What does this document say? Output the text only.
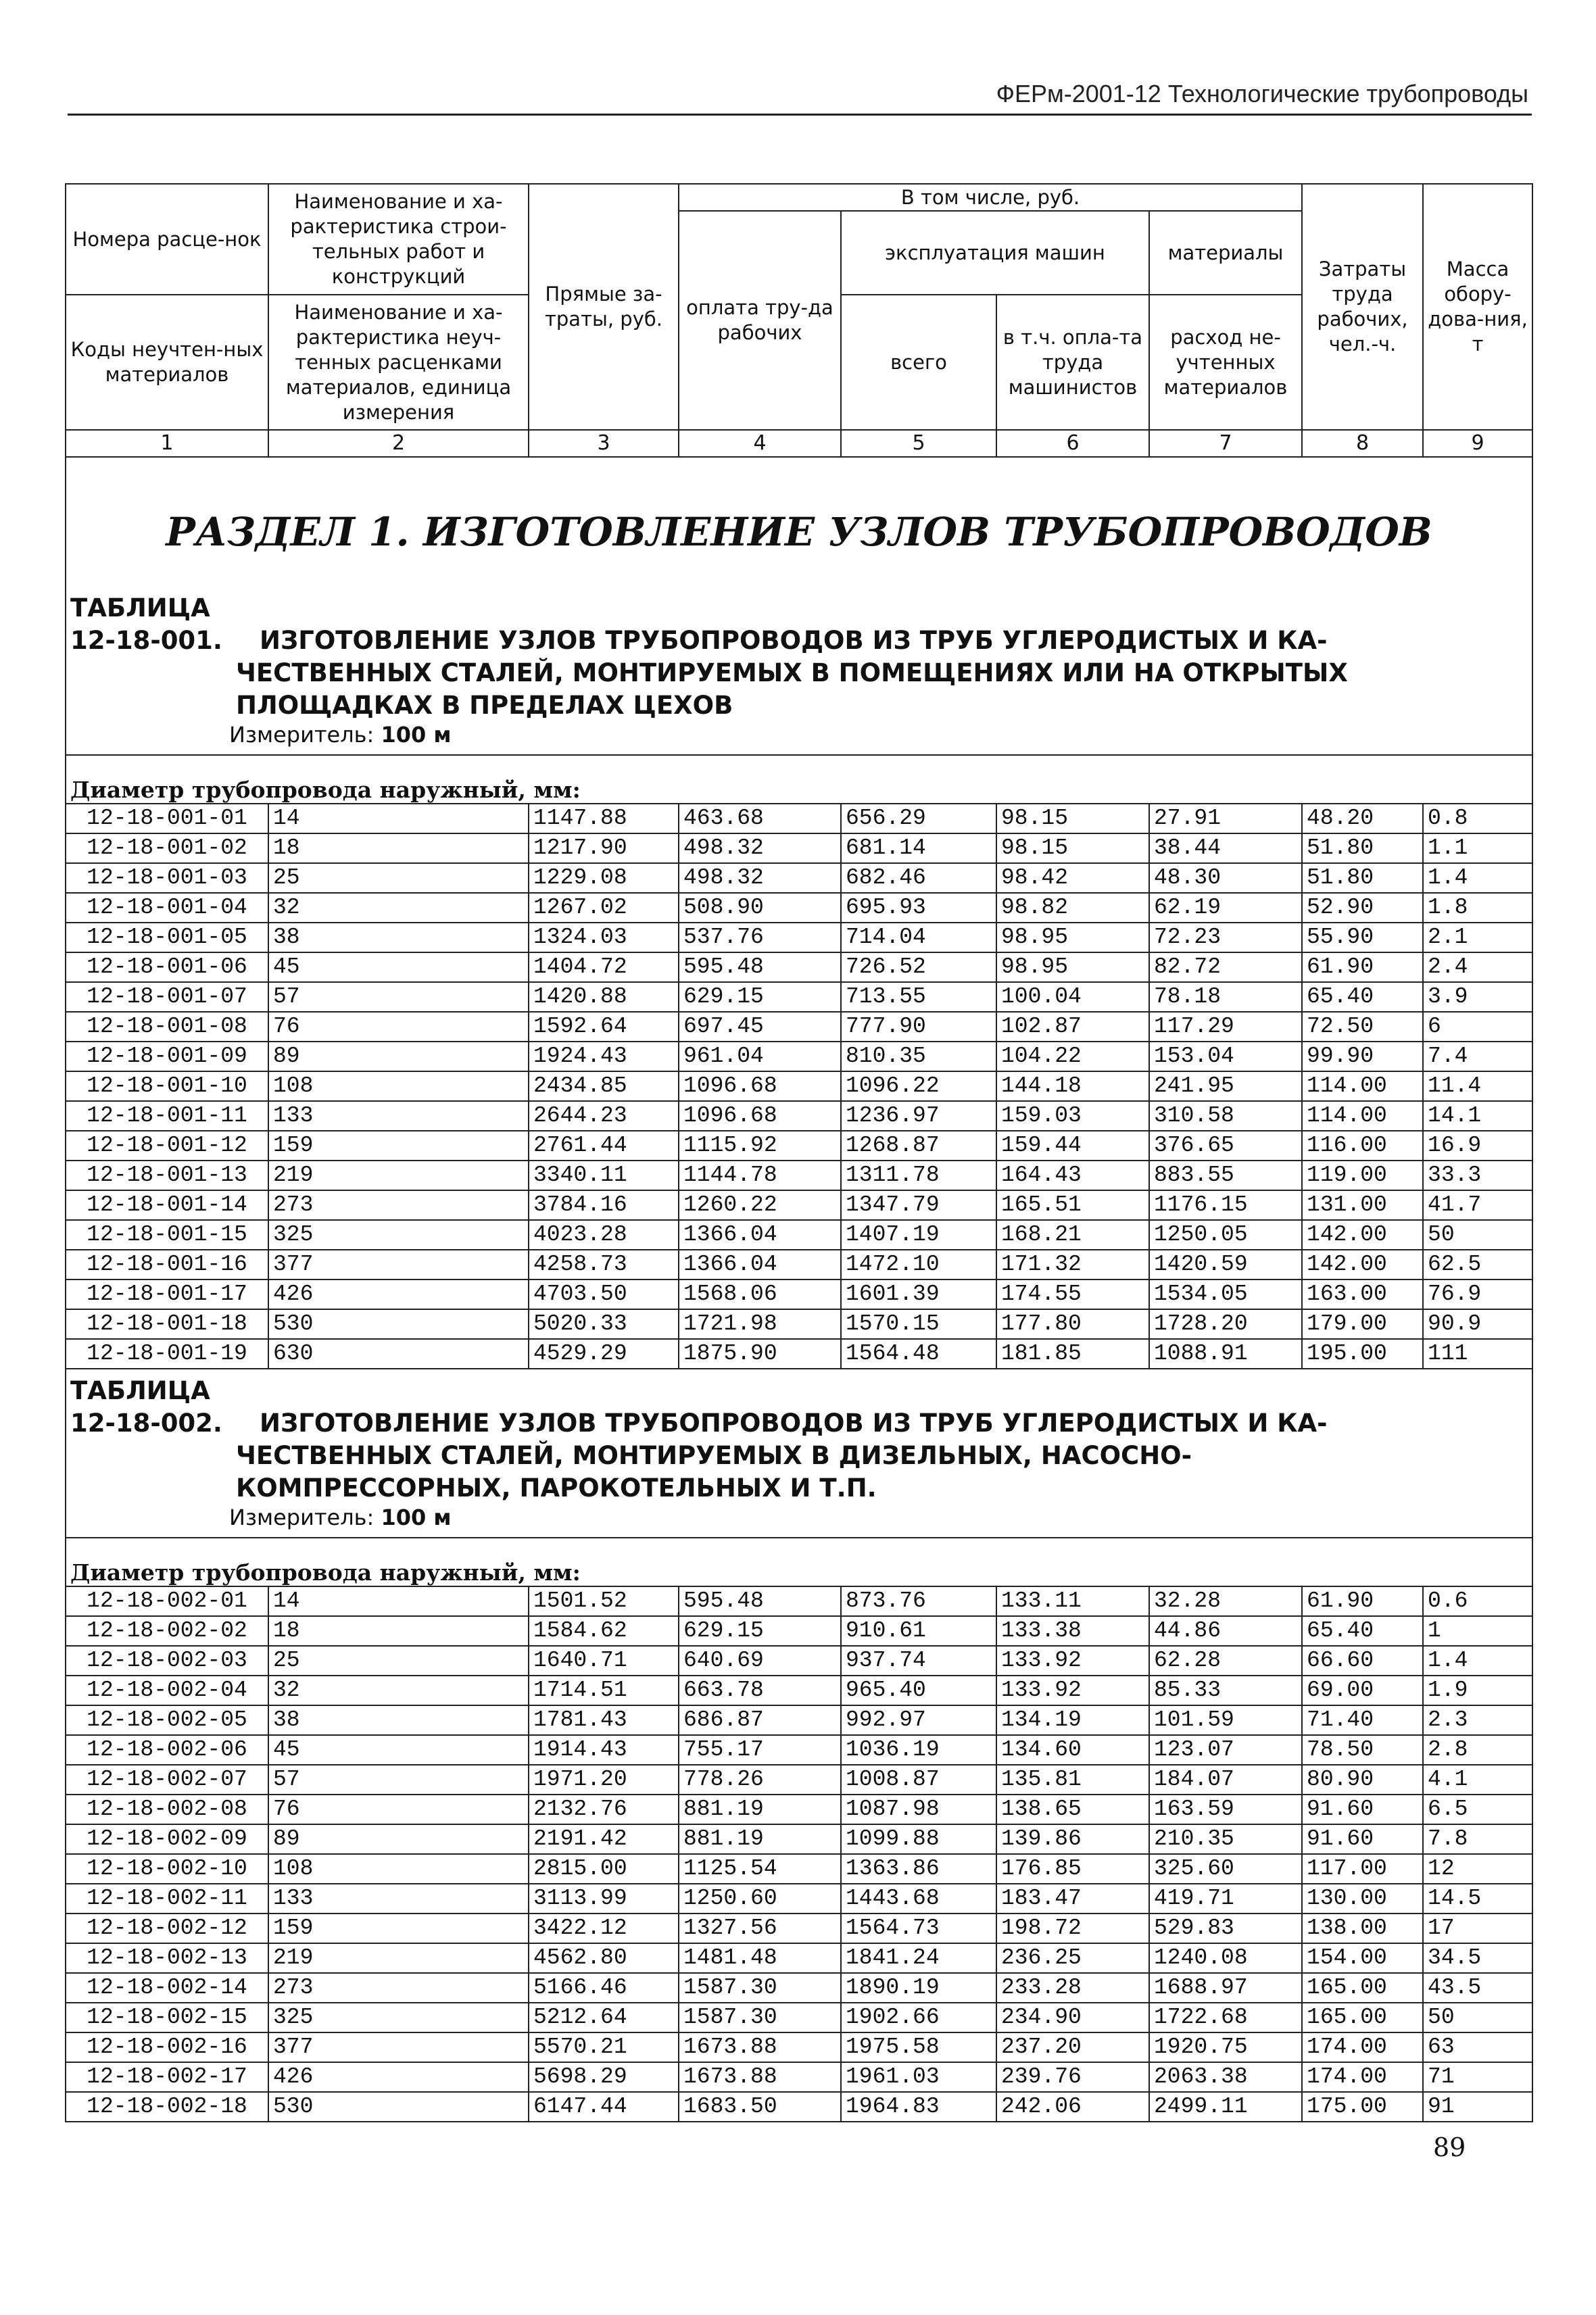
ФЕРм-2001-12 Технологические трубопроводы
Номера расце-нок	Наименование и ха-рактеристика строи-тельных работ и конструкций	Прямые за-траты, руб.	В том числе, руб.				Затраты труда рабочих, чел.-ч.	Масса обору-дова-ния, т
			оплата тру-да рабочих	эксплуатация машин		материалы		
Коды неучтен-ных материалов	Наименование и ха-рактеристика неуч-тенных расценками материалов, единица измерения			всего	в т.ч. опла-та труда машинистов	расход не-учтенных материалов		

1	2	3	4	5	6	7	8	9

РАЗДЕЛ 1. ИЗГОТОВЛЕНИЕ УЗЛОВ ТРУБОПРОВОДОВ								

ТАБЛИЦА 12-18-001. ИЗГОТОВЛЕНИЕ УЗЛОВ ТРУБОПРОВОДОВ ИЗ ТРУБ УГЛЕРОДИСТЫХ И КА-
ЧЕСТВЕННЫХ СТАЛЕЙ, МОНТИРУЕМЫХ В ПОМЕЩЕНИЯХ ИЛИ НА ОТКРЫТЫХ
ПЛОЩАДКАХ В ПРЕДЕЛАХ ЦЕХОВ
Измеритель: 100 м								

Диаметр трубопровода наружный, мм:								
12-18-001-01	14	1147.88	463.68	656.29	98.15	27.91	48.20	0.8
12-18-001-02	18	1217.90	498.32	681.14	98.15	38.44	51.80	1.1
12-18-001-03	25	1229.08	498.32	682.46	98.42	48.30	51.80	1.4
12-18-001-04	32	1267.02	508.90	695.93	98.82	62.19	52.90	1.8
12-18-001-05	38	1324.03	537.76	714.04	98.95	72.23	55.90	2.1
12-18-001-06	45	1404.72	595.48	726.52	98.95	82.72	61.90	2.4
12-18-001-07	57	1420.88	629.15	713.55	100.04	78.18	65.40	3.9
12-18-001-08	76	1592.64	697.45	777.90	102.87	117.29	72.50	6
12-18-001-09	89	1924.43	961.04	810.35	104.22	153.04	99.90	7.4
12-18-001-10	108	2434.85	1096.68	1096.22	144.18	241.95	114.00	11.4
12-18-001-11	133	2644.23	1096.68	1236.97	159.03	310.58	114.00	14.1
12-18-001-12	159	2761.44	1115.92	1268.87	159.44	376.65	116.00	16.9
12-18-001-13	219	3340.11	1144.78	1311.78	164.43	883.55	119.00	33.3
12-18-001-14	273	3784.16	1260.22	1347.79	165.51	1176.15	131.00	41.7
12-18-001-15	325	4023.28	1366.04	1407.19	168.21	1250.05	142.00	50
12-18-001-16	377	4258.73	1366.04	1472.10	171.32	1420.59	142.00	62.5
12-18-001-17	426	4703.50	1568.06	1601.39	174.55	1534.05	163.00	76.9
12-18-001-18	530	5020.33	1721.98	1570.15	177.80	1728.20	179.00	90.9
12-18-001-19	630	4529.29	1875.90	1564.48	181.85	1088.91	195.00	111

ТАБЛИЦА 12-18-002. ИЗГОТОВЛЕНИЕ УЗЛОВ ТРУБОПРОВОДОВ ИЗ ТРУБ УГЛЕРОДИСТЫХ И КА-
ЧЕСТВЕННЫХ СТАЛЕЙ, МОНТИРУЕМЫХ В ДИЗЕЛЬНЫХ, НАСОСНО-
КОМПРЕССОРНЫХ, ПАРОКОТЕЛЬНЫХ И Т.П.
Измеритель: 100 м								

Диаметр трубопровода наружный, мм:								
12-18-002-01	14	1501.52	595.48	873.76	133.11	32.28	61.90	0.6
12-18-002-02	18	1584.62	629.15	910.61	133.38	44.86	65.40	1
12-18-002-03	25	1640.71	640.69	937.74	133.92	62.28	66.60	1.4
12-18-002-04	32	1714.51	663.78	965.40	133.92	85.33	69.00	1.9
12-18-002-05	38	1781.43	686.87	992.97	134.19	101.59	71.40	2.3
12-18-002-06	45	1914.43	755.17	1036.19	134.60	123.07	78.50	2.8
12-18-002-07	57	1971.20	778.26	1008.87	135.81	184.07	80.90	4.1
12-18-002-08	76	2132.76	881.19	1087.98	138.65	163.59	91.60	6.5
12-18-002-09	89	2191.42	881.19	1099.88	139.86	210.35	91.60	7.8
12-18-002-10	108	2815.00	1125.54	1363.86	176.85	325.60	117.00	12
12-18-002-11	133	3113.99	1250.60	1443.68	183.47	419.71	130.00	14.5
12-18-002-12	159	3422.12	1327.56	1564.73	198.72	529.83	138.00	17
12-18-002-13	219	4562.80	1481.48	1841.24	236.25	1240.08	154.00	34.5
12-18-002-14	273	5166.46	1587.30	1890.19	233.28	1688.97	165.00	43.5
12-18-002-15	325	5212.64	1587.30	1902.66	234.90	1722.68	165.00	50
12-18-002-16	377	5570.21	1673.88	1975.58	237.20	1920.75	174.00	63
12-18-002-17	426	5698.29	1673.88	1961.03	239.76	2063.38	174.00	71
12-18-002-18	530	6147.44	1683.50	1964.83	242.06	2499.11	175.00	91
89
